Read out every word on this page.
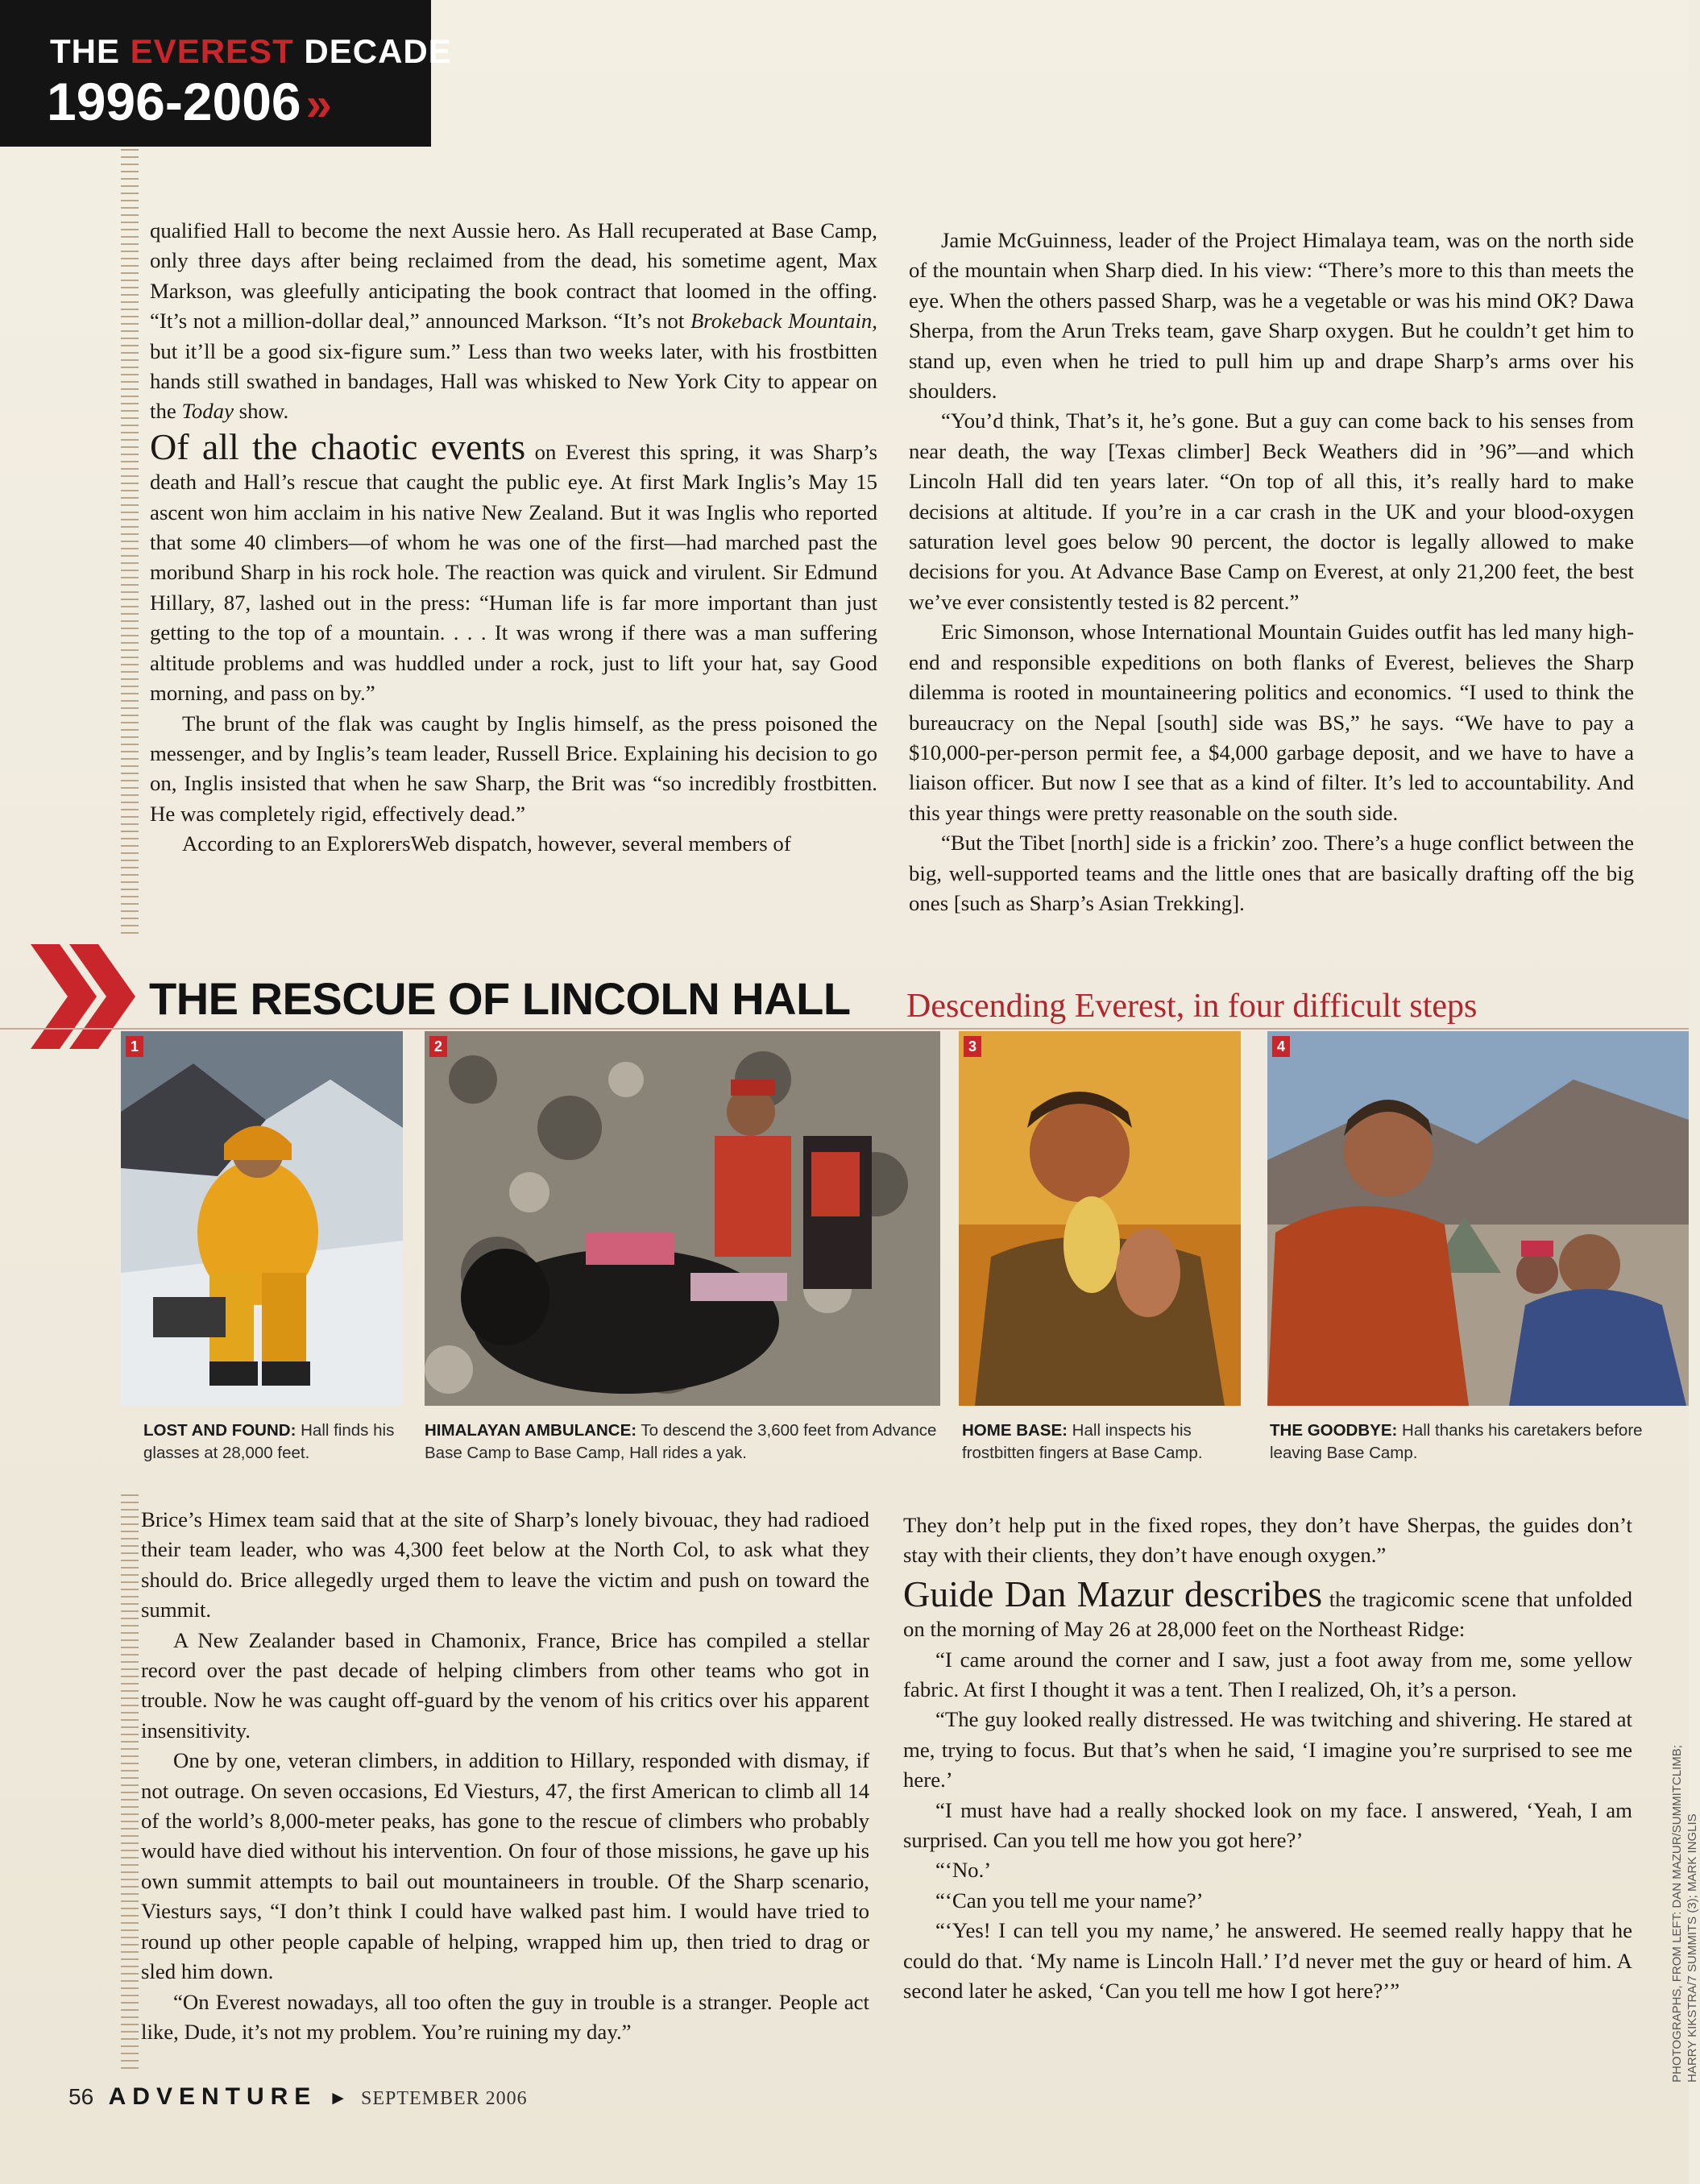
THE EVEREST DECADE
1996-2006 »

qualified Hall to become the next Aussie hero. As Hall recuperated at Base Camp, only three days after being reclaimed from the dead, his sometime agent, Max Markson, was gleefully anticipating the book contract that loomed in the offing. “It’s not a million-dollar deal,” announced Markson. “It’s not Brokeback Mountain, but it’ll be a good six-figure sum.” Less than two weeks later, with his frostbitten hands still swathed in bandages, Hall was whisked to New York City to appear on the Today show.

Of all the chaotic events on Everest this spring, it was Sharp’s death and Hall’s rescue that caught the public eye. At first Mark Inglis’s May 15 ascent won him acclaim in his native New Zealand. But it was Inglis who reported that some 40 climbers—of whom he was one of the first—had marched past the moribund Sharp in his rock hole. The reaction was quick and virulent. Sir Edmund Hillary, 87, lashed out in the press: “Human life is far more important than just getting to the top of a mountain. . . . It was wrong if there was a man suffering altitude problems and was huddled under a rock, just to lift your hat, say Good morning, and pass on by.”

The brunt of the flak was caught by Inglis himself, as the press poisoned the messenger, and by Inglis’s team leader, Russell Brice. Explaining his decision to go on, Inglis insisted that when he saw Sharp, the Brit was “so incredibly frostbitten. He was completely rigid, effectively dead.”

According to an ExplorersWeb dispatch, however, several members of

Jamie McGuinness, leader of the Project Himalaya team, was on the north side of the mountain when Sharp died. In his view: “There’s more to this than meets the eye. When the others passed Sharp, was he a vegetable or was his mind OK? Dawa Sherpa, from the Arun Treks team, gave Sharp oxygen. But he couldn’t get him to stand up, even when he tried to pull him up and drape Sharp’s arms over his shoulders.

“You’d think, That’s it, he’s gone. But a guy can come back to his senses from near death, the way [Texas climber] Beck Weathers did in ’96”—and which Lincoln Hall did ten years later. “On top of all this, it’s really hard to make decisions at altitude. If you’re in a car crash in the UK and your blood-oxygen saturation level goes below 90 percent, the doctor is legally allowed to make decisions for you. At Advance Base Camp on Everest, at only 21,200 feet, the best we’ve ever consistently tested is 82 percent.”

Eric Simonson, whose International Mountain Guides outfit has led many high-end and responsible expeditions on both flanks of Everest, believes the Sharp dilemma is rooted in mountaineering politics and economics. “I used to think the bureaucracy on the Nepal [south] side was BS,” he says. “We have to pay a $10,000-per-person permit fee, a $4,000 garbage deposit, and we have to have a liaison officer. But now I see that as a kind of filter. It’s led to accountability. And this year things were pretty reasonable on the south side.

“But the Tibet [north] side is a frickin’ zoo. There’s a huge conflict between the big, well-supported teams and the little ones that are basically drafting off the big ones [such as Sharp’s Asian Trekking].

THE RESCUE OF LINCOLN HALL Descending Everest, in four difficult steps
1	2	3	4
LOST AND FOUND: Hall finds his glasses at 28,000 feet.
HIMALAYAN AMBULANCE: To descend the 3,600 feet from Advance Base Camp to Base Camp, Hall rides a yak.
HOME BASE: Hall inspects his frostbitten fingers at Base Camp.
THE GOODBYE: Hall thanks his caretakers before leaving Base Camp.

Brice’s Himex team said that at the site of Sharp’s lonely bivouac, they had radioed their team leader, who was 4,300 feet below at the North Col, to ask what they should do. Brice allegedly urged them to leave the victim and push on toward the summit.

A New Zealander based in Chamonix, France, Brice has compiled a stellar record over the past decade of helping climbers from other teams who got in trouble. Now he was caught off-guard by the venom of his critics over his apparent insensitivity.

One by one, veteran climbers, in addition to Hillary, responded with dismay, if not outrage. On seven occasions, Ed Viesturs, 47, the first American to climb all 14 of the world’s 8,000-meter peaks, has gone to the rescue of climbers who probably would have died without his intervention. On four of those missions, he gave up his own summit attempts to bail out mountaineers in trouble. Of the Sharp scenario, Viesturs says, “I don’t think I could have walked past him. I would have tried to round up other people capable of helping, wrapped him up, then tried to drag or sled him down.

“On Everest nowadays, all too often the guy in trouble is a stranger. People act like, Dude, it’s not my problem. You’re ruining my day.”

They don’t help put in the fixed ropes, they don’t have Sherpas, the guides don’t stay with their clients, they don’t have enough oxygen.”

Guide Dan Mazur describes the tragicomic scene that unfolded on the morning of May 26 at 28,000 feet on the Northeast Ridge:

“I came around the corner and I saw, just a foot away from me, some yellow fabric. At first I thought it was a tent. Then I realized, Oh, it’s a person.

“The guy looked really distressed. He was twitching and shivering. He stared at me, trying to focus. But that’s when he said, ‘I imagine you’re surprised to see me here.’

“I must have had a really shocked look on my face. I answered, ‘Yeah, I am surprised. Can you tell me how you got here?’

“‘No.’

“‘Can you tell me your name?’

“‘Yes! I can tell you my name,’ he answered. He seemed really happy that he could do that. ‘My name is Lincoln Hall.’ I’d never met the guy or heard of him. A second later he asked, ‘Can you tell me how I got here?’”	PHOTOGRAPHS, FROM LEFT: DAN MAZUR/SUMMITCLIMB; HARRY KIKSTRA/7 SUMMITS (3); MARK INGLIS
56 ADVENTURE ► SEPTEMBER 2006
